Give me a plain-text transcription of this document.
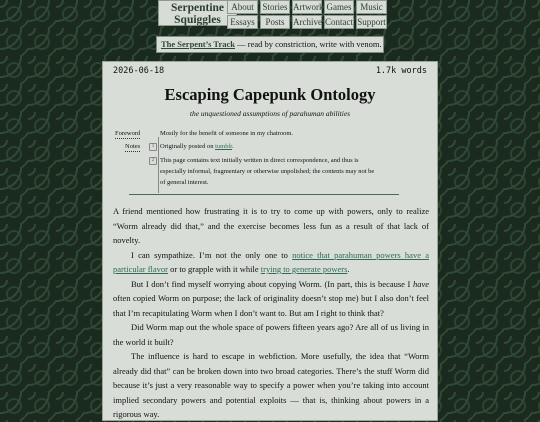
Serpentine
Squiggles
About Stories Artwork Games Music
Essays	Posts Archive Contact Support
The Serpent’s Track — read by constriction, write with venom.
2026-06-18	1.7k words
Escaping Capepunk Ontology
the unquestioned assumptions of parahuman abilities
Foreword	Mostly for the benefit of someone in my chatroom.
Notes	1 Originally posted on tumblr.
2 This page contains text initially written in direct correspondence, and thus is
especially informal, fragmentary or otherwise unpolished; the contents may not be
of general interest.

A friend mentioned how frustrating it is to try to come up with powers, only to realize “Worm already did that,” and the exercise becomes less fun as a result of that lack of novelty.

I can sympathize. I’m not the only one to notice that parahuman powers have a particular flavor or to grapple with it while trying to generate powers.

But I don’t find myself worrying about copying Worm. (In part, this is because I have often copied Worm on purpose; the lack of originality doesn’t stop me) but I also don’t feel that I’m recapitulating Worm when I don’t want to. But am I right to think that?

Did Worm map out the whole space of powers fifteen years ago? Are all of us living in the world it built?

The influence is hard to escape in webfiction. More usefully, the idea that “Worm already did that” can be broken down into two broad categories. There’s the stuff Worm did because it’s just a very reasonable way to specify a power when you’re taking into account implied secondary powers and potential exploits — that is, thinking about powers in a rigorous way.
